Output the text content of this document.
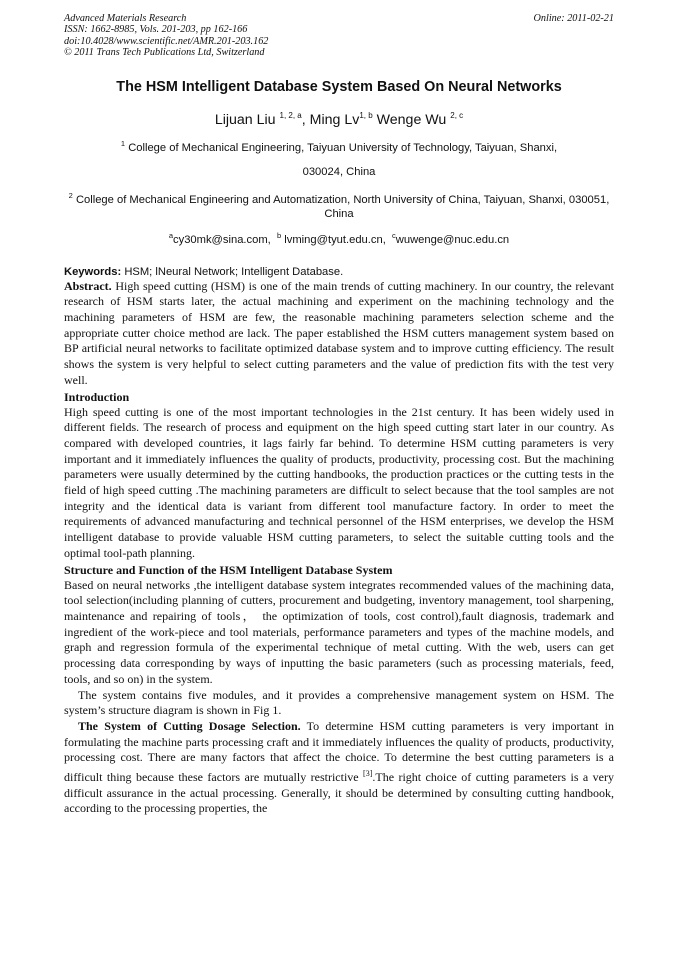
Advanced Materials Research
ISSN: 1662-8985, Vols. 201-203, pp 162-166
doi:10.4028/www.scientific.net/AMR.201-203.162
© 2011 Trans Tech Publications Ltd, Switzerland
Online: 2011-02-21
The HSM Intelligent Database System Based On Neural Networks
Lijuan Liu $^{1, 2, a}$, Ming Lv$^{1, b}$ Wenge Wu $^{2, c}$
$^1$ College of Mechanical Engineering, Taiyuan University of Technology, Taiyuan, Shanxi,
030024, China
$^2$ College of Mechanical Engineering and Automatization, North University of China, Taiyuan, Shanxi, 030051, China
$^a$cy30mk@sina.com, $^b$ lvming@tyut.edu.cn, $^c$wuwenge@nuc.edu.cn
Keywords: HSM; lNeural Network; Intelligent Database.

Abstract. High speed cutting (HSM) is one of the main trends of cutting machinery. In our country, the relevant research of HSM starts later, the actual machining and experiment on the machining technology and the machining parameters of HSM are few, the reasonable machining parameters selection scheme and the appropriate cutter choice method are lack. The paper established the HSM cutters management system based on BP artificial neural networks to facilitate optimized database system and to improve cutting efficiency. The result shows the system is very helpful to select cutting parameters and the value of prediction fits with the test very well.

Introduction

High speed cutting is one of the most important technologies in the 21st century. It has been widely used in different fields. The research of process and equipment on the high speed cutting start later in our country. As compared with developed countries, it lags fairly far behind. To determine HSM cutting parameters is very important and it immediately influences the quality of products, productivity, processing cost. But the machining parameters were usually determined by the cutting handbooks, the production practices or the cutting tests in the field of high speed cutting .The machining parameters are difficult to select because that the tool samples are not integrity and the identical data is variant from different tool manufacture factory. In order to meet the requirements of advanced manufacturing and technical personnel of the HSM enterprises, we develop the HSM intelligent database to provide valuable HSM cutting parameters, to select the suitable cutting tools and the optimal tool-path planning.

Structure and Function of the HSM Intelligent Database System

Based on neural networks ,the intelligent database system integrates recommended values of the machining data, tool selection(including planning of cutters, procurement and budgeting, inventory management, tool sharpening, maintenance and repairing of tools， the optimization of tools, cost control),fault diagnosis, trademark and ingredient of the work-piece and tool materials, performance parameters and types of the machine models, and graph and regression formula of the experimental technique of metal cutting. With the web, users can get processing data corresponding by ways of inputting the basic parameters (such as processing materials, feed, tools, and so on) in the system.

The system contains five modules, and it provides a comprehensive management system on HSM. The system’s structure diagram is shown in Fig 1.

The System of Cutting Dosage Selection. To determine HSM cutting parameters is very important in formulating the machine parts processing craft and it immediately influences the quality of products, productivity, processing cost. There are many factors that affect the choice. To determine the best cutting parameters is a difficult thing because these factors are mutually restrictive [3].The right choice of cutting parameters is a very difficult assurance in the actual processing. Generally, it should be determined by consulting cutting handbook, according to the processing properties, the
